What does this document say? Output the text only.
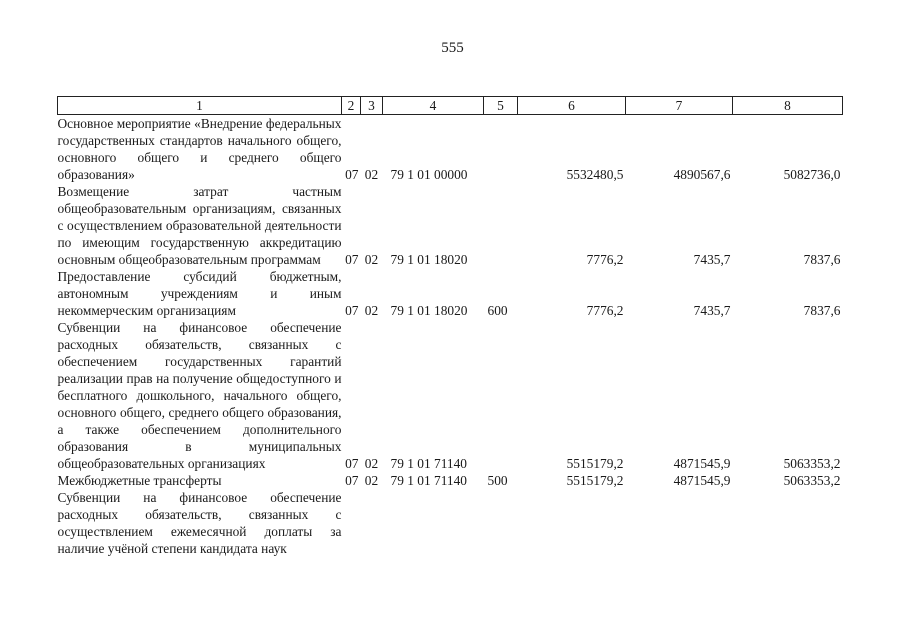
555
1	2	3	4	5	6	7	8
Основное мероприятие «Внедрение федеральных государственных стандартов начального общего, основного общего и среднего общего образования»	07	02	79 1 01 00000		5532480,5	4890567,6	5082736,0
Возмещение затрат частным общеобразовательным организациям, связанных с осуществлением образовательной деятельности по имеющим государственную аккредитацию основным общеобразовательным программам	07	02	79 1 01 18020		7776,2	7435,7	7837,6
Предоставление субсидий бюджетным, автономным учреждениям и иным некоммерческим организациям	07	02	79 1 01 18020	600	7776,2	7435,7	7837,6
Субвенции на финансовое обеспечение расходных обязательств, связанных с обеспечением государственных гарантий реализации прав на получение общедоступного и бесплатного дошкольного, начального общего, основного общего, среднего общего образования, а также обеспечением дополнительного образования в муниципальных общеобразовательных организациях	07	02	79 1 01 71140		5515179,2	4871545,9	5063353,2
Межбюджетные трансферты	07	02	79 1 01 71140	500	5515179,2	4871545,9	5063353,2
Субвенции на финансовое обеспечение расходных обязательств, связанных с осуществлением ежемесячной доплаты за наличие учёной степени кандидата наук							
